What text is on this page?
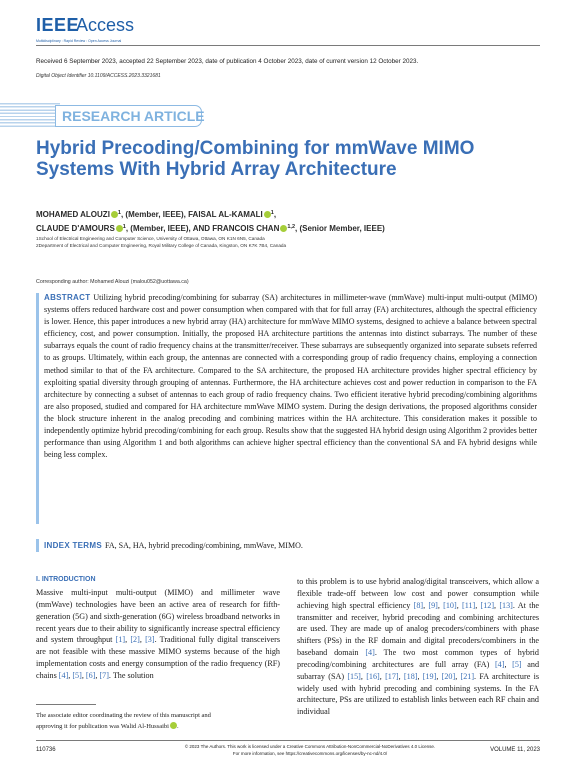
IEEE
Access
Multidisciplinary : Rapid Review : Open Access Journal
Received 6 September 2023, accepted 22 September 2023, date of publication 4 October 2023, date of current version 12 October 2023.
Digital Object Identifier 10.1109/ACCESS.2023.3321681
RESEARCH ARTICLE
Hybrid Precoding/Combining for mmWave MIMO Systems With Hybrid Array Architecture
MOHAMED ALOUZI $^1$, (Member, IEEE), FAISAL AL-KAMALI $^1$,
CLAUDE D'AMOURS $^1$, (Member, IEEE), AND FRANCOIS CHAN $^{1,2}$, (Senior Member, IEEE)
1School of Electrical Engineering and Computer Science, University of Ottawa, Ottawa, ON K1N 6N5, Canada
2Department of Electrical and Computer Engineering, Royal Military College of Canada, Kingston, ON K7K 7B4, Canada
Corresponding author: Mohamed Alouzi (malou052@uottawa.ca)

ABSTRACT Utilizing hybrid precoding/combining for subarray (SA) architectures in millimeter-wave (mmWave) multi-input multi-output (MIMO) systems offers reduced hardware cost and power consumption when compared with that for full array (FA) architectures, although the spectral efficiency is lower. Hence, this paper introduces a new hybrid array (HA) architecture for mmWave MIMO systems, designed to achieve a balance between spectral efficiency, cost, and power consumption. Initially, the proposed HA architecture partitions the antennas into distinct subarrays. The number of these subarrays equals the count of radio frequency chains at the transmitter/receiver. These subarrays are subsequently organized into separate subsets referred to as groups. Ultimately, within each group, the antennas are connected with a corresponding group of radio frequency chains, employing a connection method similar to that of the FA architecture. Compared to the SA architecture, the proposed HA architecture provides higher spectral efficiency by exploiting spatial diversity through grouping of antennas. Furthermore, the HA architecture achieves cost and power reduction in comparison to the FA architecture by connecting a subset of antennas to each group of radio frequency chains. Two efficient iterative hybrid precoding/combining algorithms are also proposed, studied and compared for HA architecture mmWave MIMO system. During the design derivations, the proposed algorithms consider the block structure inherent in the analog precoding and combining matrices within the HA architecture. This consideration makes it possible to independently optimize hybrid precoding/combining for each group. Results show that the suggested HA hybrid design using Algorithm 2 provides better performance than using Algorithm 1 and both algorithms can achieve higher spectral efficiency than the conventional SA and FA hybrid designs while being less complex.

INDEX TERMS FA, SA, HA, hybrid precoding/combining, mmWave, MIMO.
I. INTRODUCTION

Massive multi-input multi-output (MIMO) and millimeter wave (mmWave) technologies have been an active area of research for fifth-generation (5G) and sixth-generation (6G) wireless broadband networks in recent years due to their ability to significantly increase spectral efficiency and system throughput [1], [2], [3]. Traditional fully digital transceivers are not feasible with these massive MIMO systems because of the high implementation costs and energy consumption of the radio frequency (RF) chains [4], [5], [6], [7]. The solution

The associate editor coordinating the review of this manuscript and
approving it for publication was Walid Al-Hussaibi .

to this problem is to use hybrid analog/digital transceivers, which allow a flexible trade-off between low cost and power consumption while achieving high spectral efficiency [8], [9], [10], [11], [12], [13]. At the transmitter and receiver, hybrid precoding and combining architectures are used. They are made up of analog precoders/combiners with phase shifters (PSs) in the RF domain and digital precoders/combiners in the baseband domain [4]. The two most common types of hybrid precoding/combining architectures are full array (FA) [4], [5] and subarray (SA) [15], [16], [17], [18], [19], [20], [21]. FA architecture is widely used with hybrid precoding and combining systems. In the FA architecture, PSs are utilized to establish links between each RF chain and individual

110736
© 2023 The Authors. This work is licensed under a Creative Commons Attribution-NonCommercial-NoDerivatives 4.0 License.
For more information, see https://creativecommons.org/licenses/by-nc-nd/4.0/
VOLUME 11, 2023
